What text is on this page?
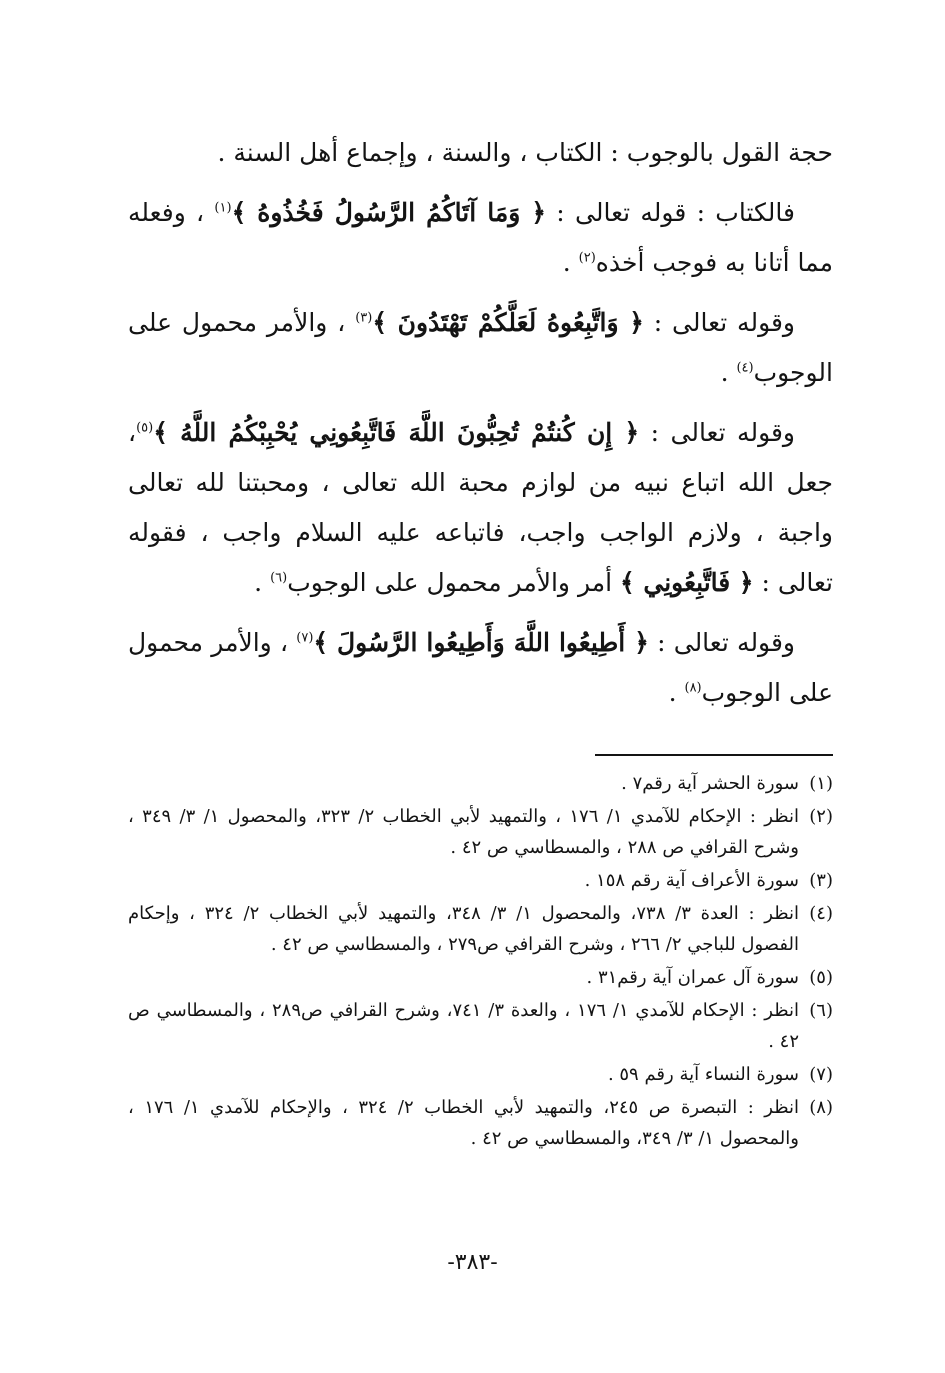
حجة القول بالوجوب : الكتاب ، والسنة ، وإجماع أهل السنة .

فالكتاب : قوله تعالى : ﴿ وَمَا آتَاكُمُ الرَّسُولُ فَخُذُوهُ ﴾$^{(١)}$ ، وفعله مما أتانا به فوجب أخذه$^{(٢)}$ .

وقوله تعالى : ﴿ وَاتَّبِعُوهُ لَعَلَّكُمْ تَهْتَدُونَ ﴾$^{(٣)}$ ، والأمر محمول على الوجوب$^{(٤)}$ .

وقوله تعالى : ﴿ إِن كُنتُمْ تُحِبُّونَ اللَّهَ فَاتَّبِعُونِي يُحْبِبْكُمُ اللَّهُ ﴾$^{(٥)}$، جعل الله اتباع نبيه من لوازم محبة الله تعالى ، ومحبتنا لله تعالى واجبة ، ولازم الواجب واجب، فاتباعه عليه السلام واجب ، فقوله تعالى : ﴿ فَاتَّبِعُونِي ﴾ أمر والأمر محمول على الوجوب$^{(٦)}$ .

وقوله تعالى : ﴿ أَطِيعُوا اللَّهَ وَأَطِيعُوا الرَّسُولَ ﴾$^{(٧)}$ ، والأمر محمول على الوجوب$^{(٨)}$ .

(١)
سورة الحشر آية رقم٧ .
(٢)
انظر : الإحكام للآمدي ١/ ١٧٦ ، والتمهيد لأبي الخطاب ٢/ ٣٢٣، والمحصول ١/ ٣/ ٣٤٩ ، وشرح القرافي ص ٢٨٨ ، والمسطاسي ص ٤٢ .
(٣)
سورة الأعراف آية رقم ١٥٨ .
(٤)
انظر : العدة ٣/ ٧٣٨، والمحصول ١/ ٣/ ٣٤٨، والتمهيد لأبي الخطاب ٢/ ٣٢٤ ، وإحكام الفصول للباجي ٢/ ٢٦٦ ، وشرح القرافي ص٢٧٩ ، والمسطاسي ص ٤٢ .
(٥)
سورة آل عمران آية رقم٣١ .
(٦)
انظر : الإحكام للآمدي ١/ ١٧٦ ، والعدة ٣/ ٧٤١، وشرح القرافي ص٢٨٩ ، والمسطاسي ص ٤٢ .
(٧)
سورة النساء آية رقم ٥٩ .
(٨)
انظر : التبصرة ص ٢٤٥، والتمهيد لأبي الخطاب ٢/ ٣٢٤ ، والإحكام للآمدي ١/ ١٧٦ ، والمحصول ١/ ٣/ ٣٤٩، والمسطاسي ص ٤٢ .
-٣٨٣-
